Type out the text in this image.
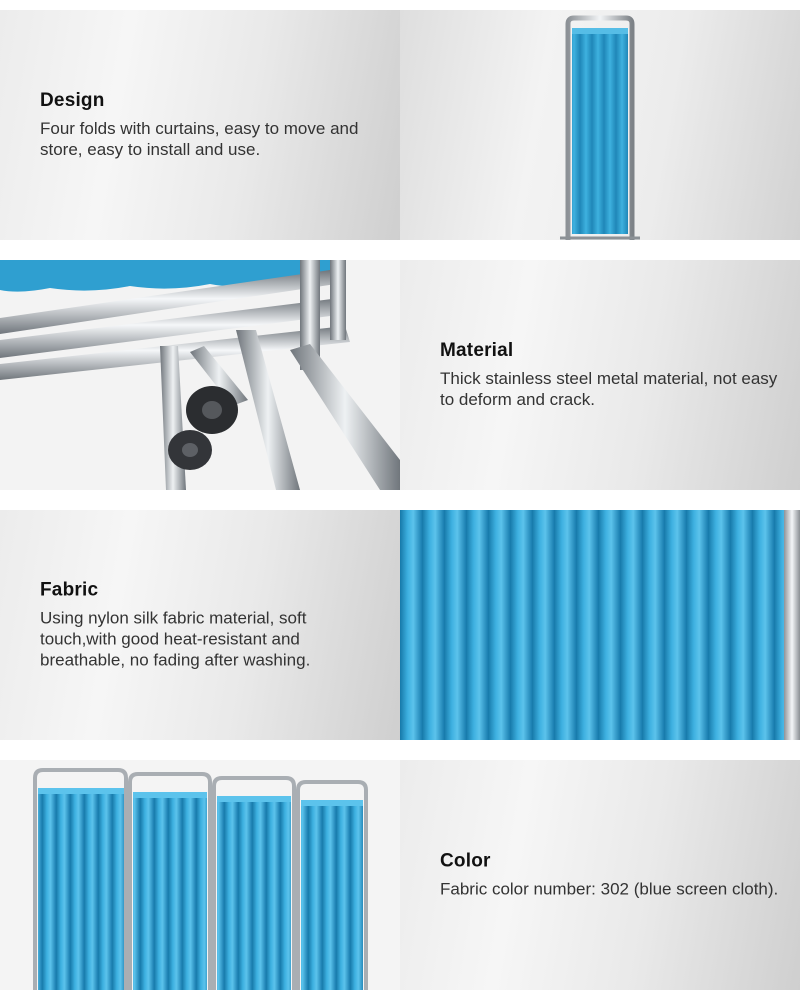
Design

Four folds with curtains, easy to move and store, easy to install and use.

Material

Thick stainless steel metal material, not easy to deform and crack.

Fabric

Using nylon silk fabric material, soft touch,with good heat-resistant and breathable, no fading after washing.

Color

Fabric color number: 302 (blue screen cloth).
